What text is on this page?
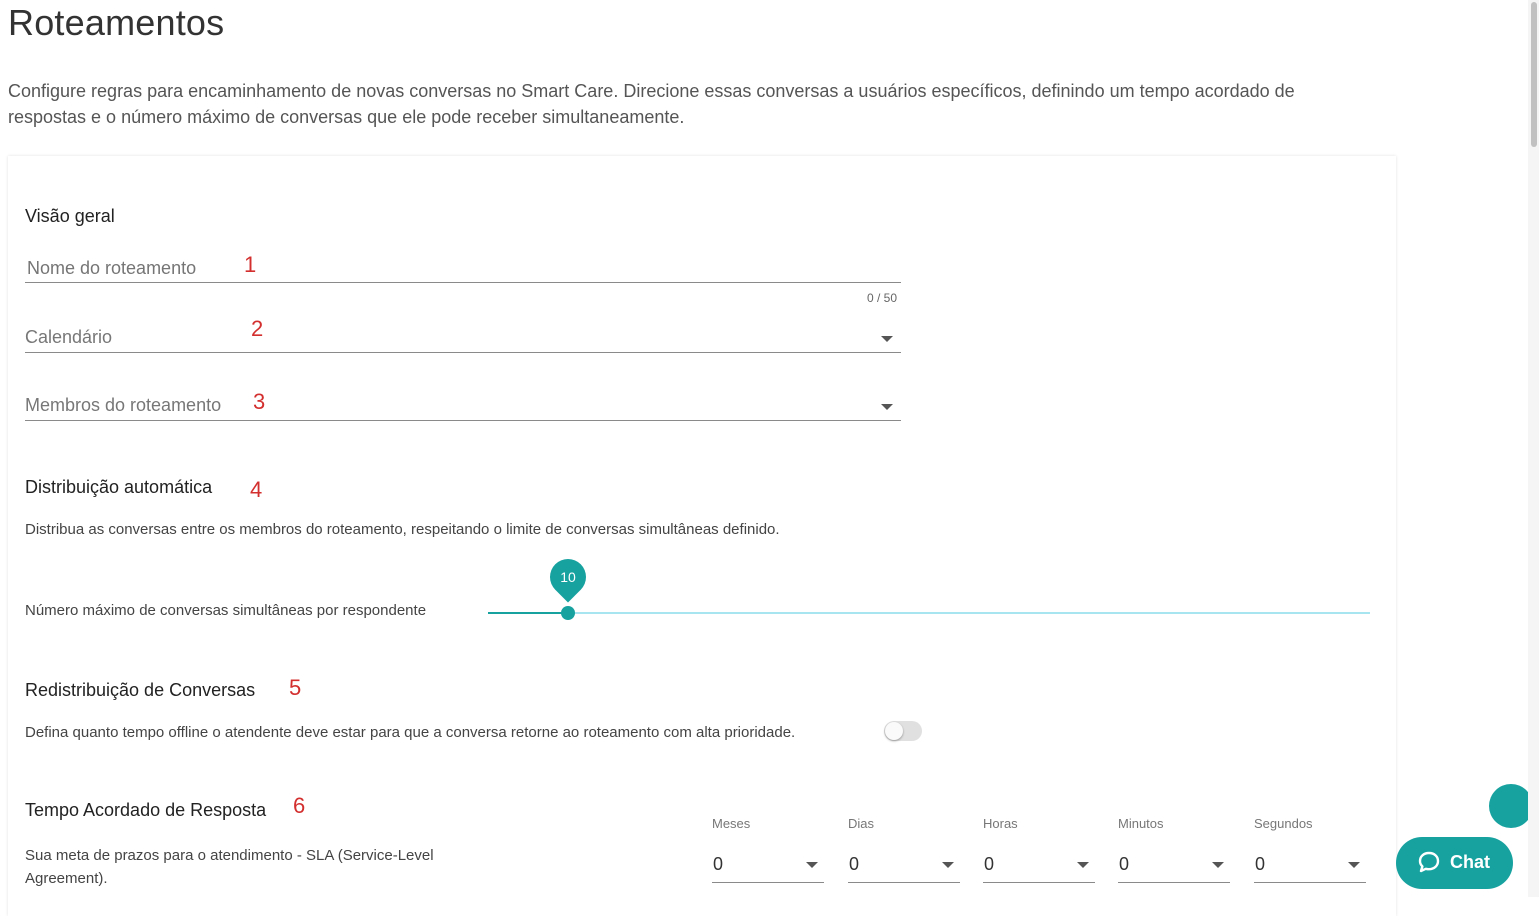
Roteamentos

Configure regras para encaminhamento de novas conversas no Smart Care. Direcione essas conversas a usuários específicos, definindo um tempo acordado de respostas e o número máximo de conversas que ele pode receber simultaneamente.

Visão geral
Nome do roteamento
1
0 / 50
Calendário	2
Membros do roteamento 3
Distribuição automática 4
Distribua as conversas entre os membros do roteamento, respeitando o limite de conversas simultâneas definido.
Número máximo de conversas simultâneas por respondente
10
Redistribuição de Conversas 5
Defina quanto tempo offline o atendente deve estar para que a conversa retorne ao roteamento com alta prioridade.
Tempo Acordado de Resposta 6
Sua meta de prazos para o atendimento - SLA (Service-Level Agreement).
Meses
0
Dias
0
Horas
0
Minutos
0
Segundos
0	Chat
